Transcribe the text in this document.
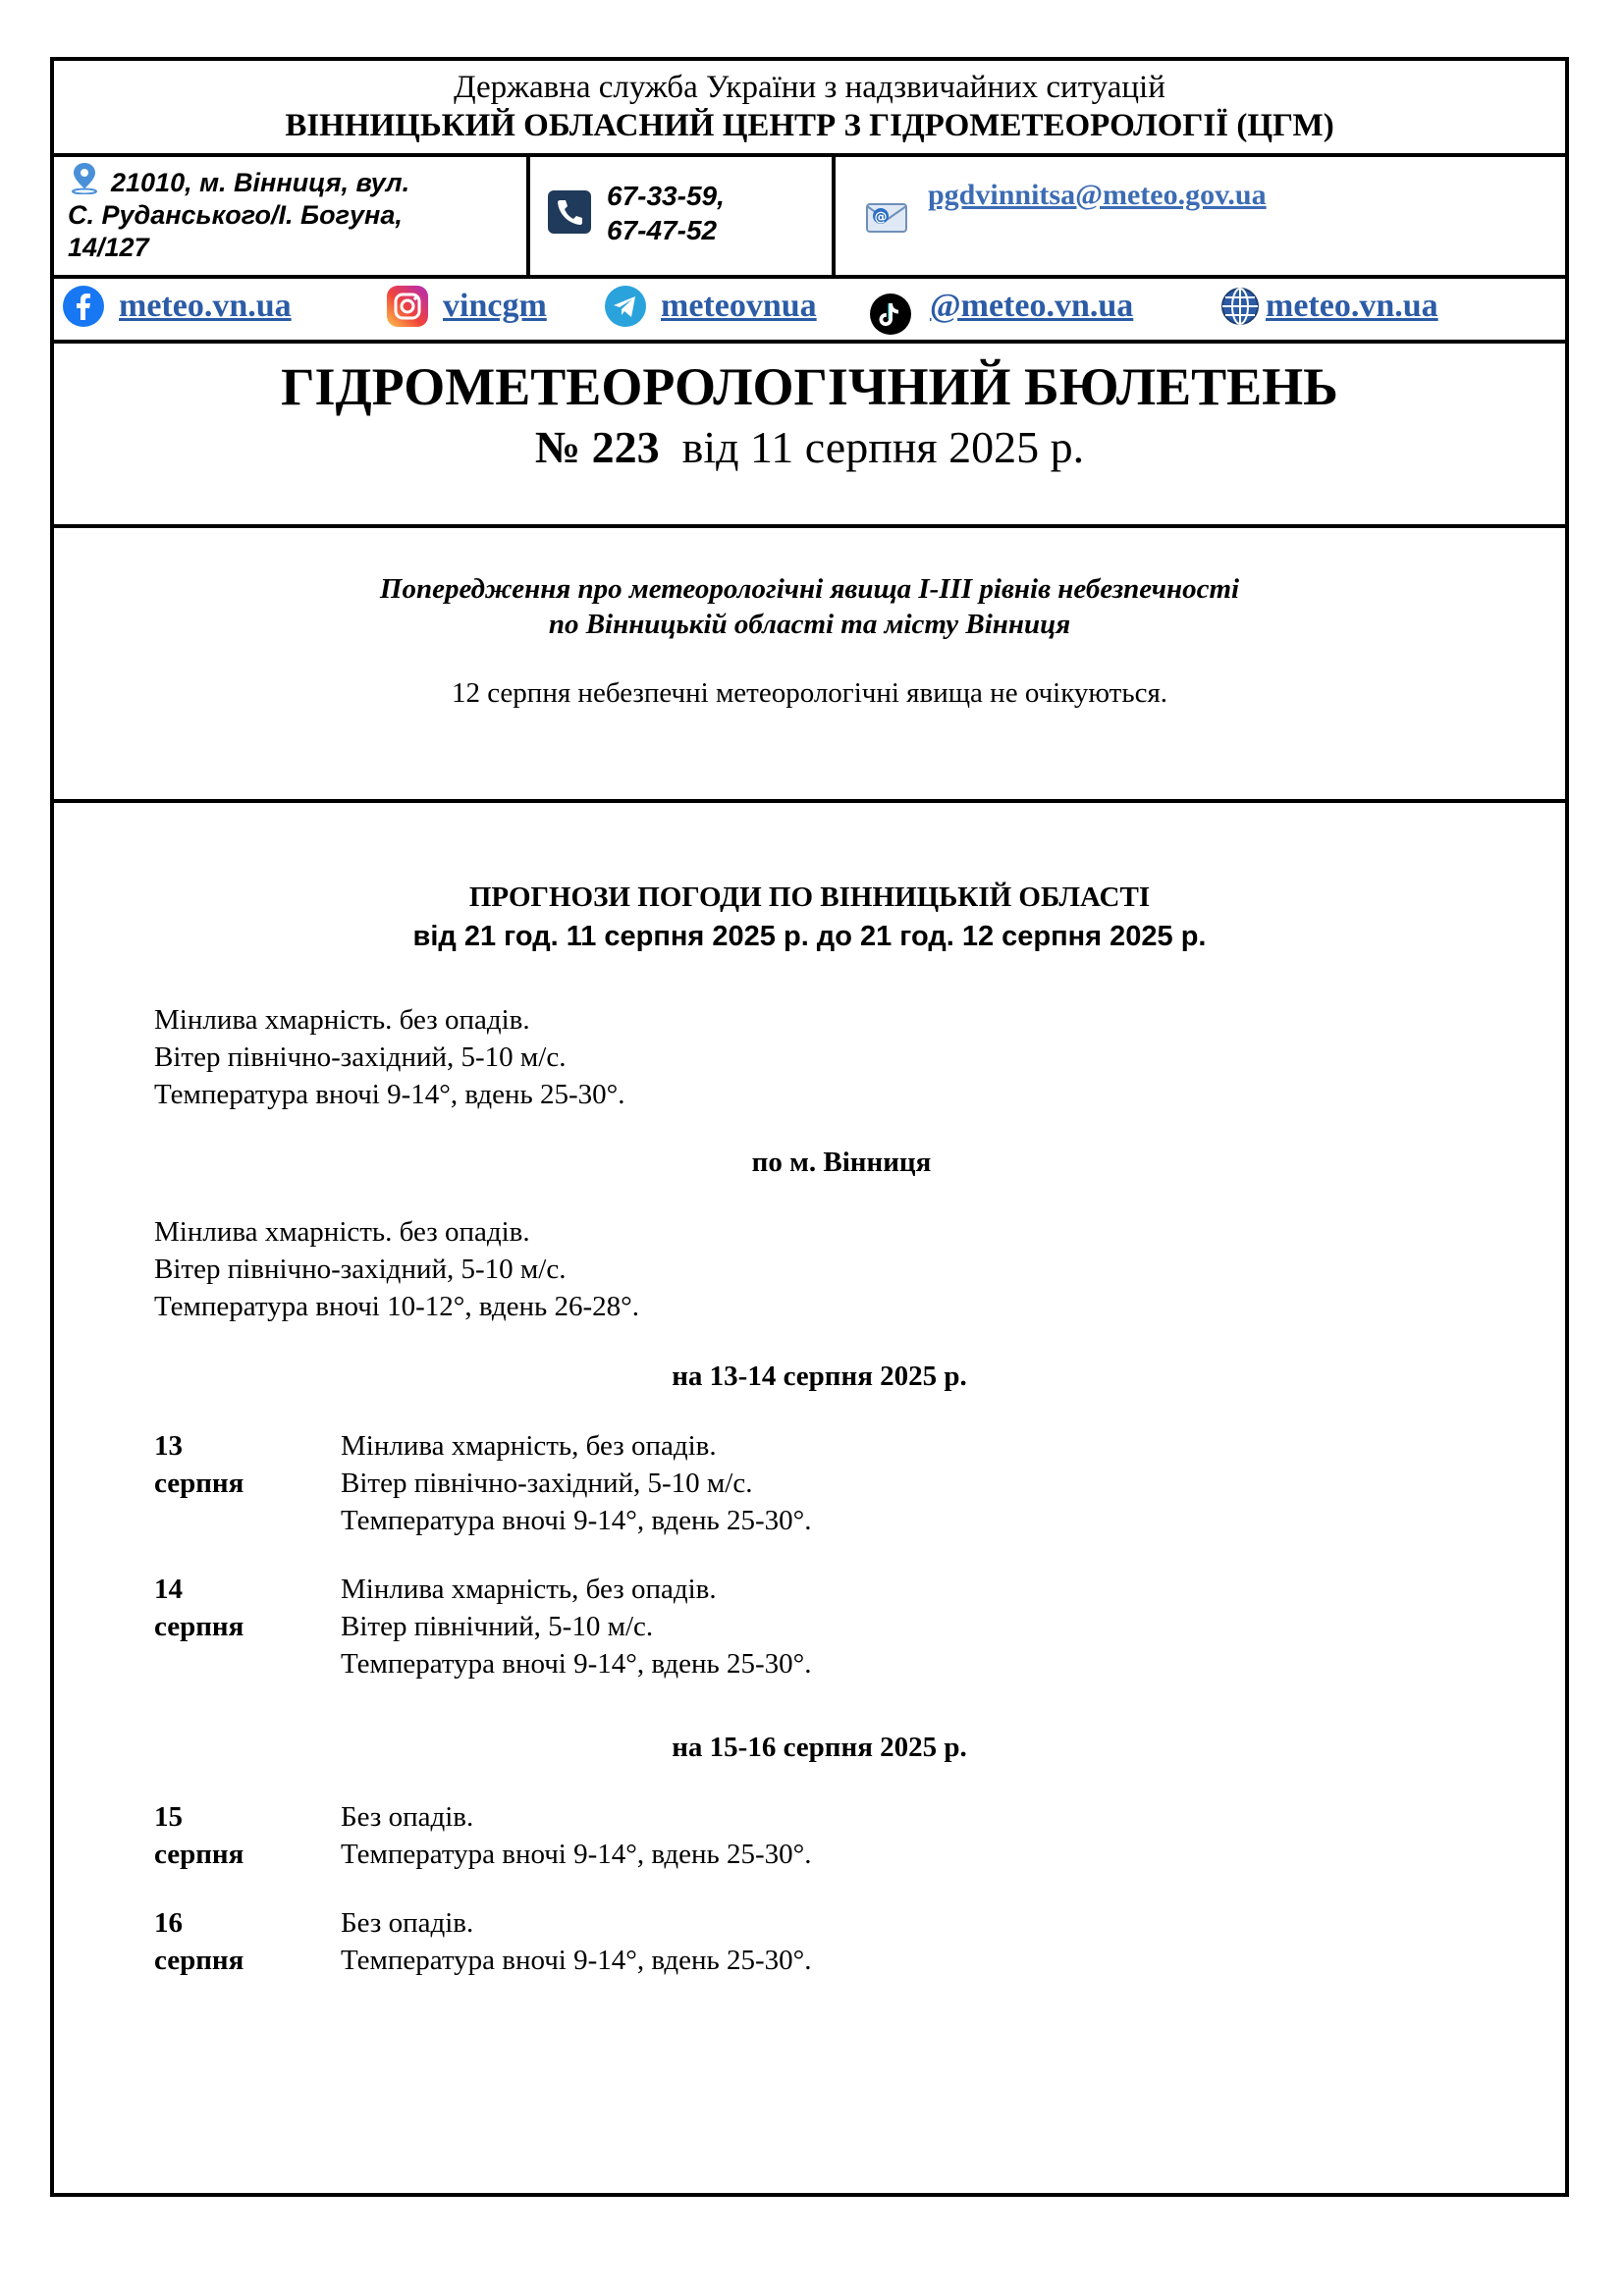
Державна служба України з надзвичайних ситуацій
ВІННИЦЬКИЙ ОБЛАСНИЙ ЦЕНТР З ГІДРОМЕТЕОРОЛОГІЇ (ЦГМ)
21010, м. Вінниця, вул.
С. Руданського/І. Богуна,
14/127
67-33-59,
67-47-52	@
pgdvinnitsa@meteo.gov.ua
meteo.vn.ua	vincgm	meteovnua	@meteo.vn.ua	meteo.vn.ua
ГІДРОМЕТЕОРОЛОГІЧНИЙ БЮЛЕТЕНЬ
№ 223 від 11 серпня 2025 р.
Попередження про метеорологічні явища I-III рівнів небезпечності
по Вінницькій області та місту Вінниця
12 серпня небезпечні метеорологічні явища не очікуються.
ПРОГНОЗИ ПОГОДИ ПО ВІННИЦЬКІЙ ОБЛАСТІ
від 21 год. 11 серпня 2025 р. до 21 год. 12 серпня 2025 р.
Мінлива хмарність. без опадів.
Вітер північно-західний, 5-10 м/с.
Температура вночі 9-14°, вдень 25-30°.
по м. Вінниця
Мінлива хмарність. без опадів.
Вітер північно-західний, 5-10 м/с.
Температура вночі 10-12°, вдень 26-28°.
на 13-14 серпня 2025 р.
13 серпня
Мінлива хмарність, без опадів.
Вітер північно-західний, 5-10 м/с.
Температура вночі 9-14°, вдень 25-30°.
14 серпня
Мінлива хмарність, без опадів.
Вітер північний, 5-10 м/с.
Температура вночі 9-14°, вдень 25-30°.
на 15-16 серпня 2025 р.
15 серпня
Без опадів.
Температура вночі 9-14°, вдень 25-30°.
16 серпня
Без опадів.
Температура вночі 9-14°, вдень 25-30°.
